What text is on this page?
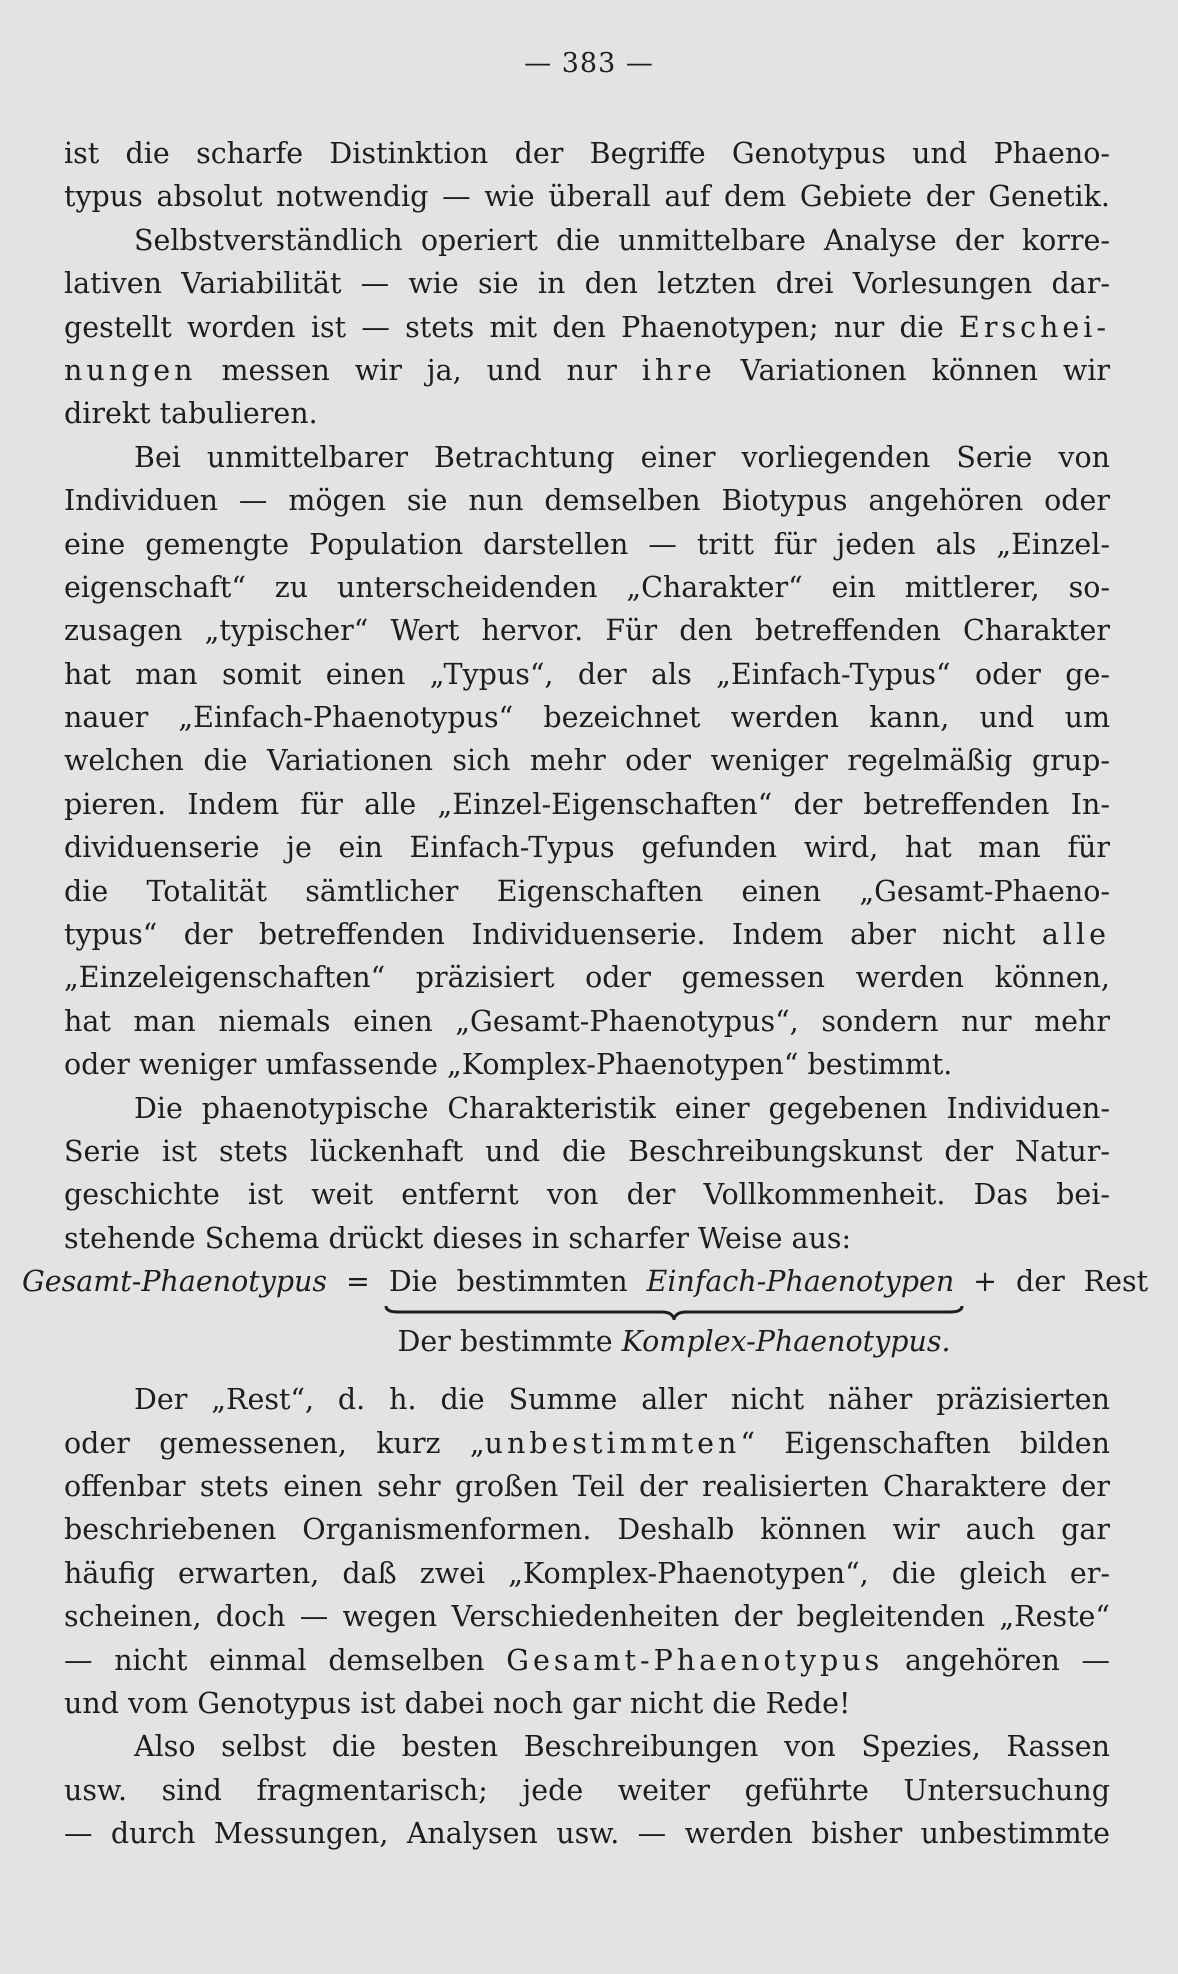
— 383 —
ist die scharfe Distinktion der Begriffe Genotypus und Phaeno-
typus absolut notwendig — wie überall auf dem Gebiete der Genetik.
Selbstverständlich operiert die unmittelbare Analyse der korre-
lativen Variabilität — wie sie in den letzten drei Vorlesungen dar-
gestellt worden ist — stets mit den Phaenotypen; nur die Erschei-
nungen messen wir ja, und nur ihre Variationen können wir
direkt tabulieren.
Bei unmittelbarer Betrachtung einer vorliegenden Serie von
Individuen — mögen sie nun demselben Biotypus angehören oder
eine gemengte Population darstellen — tritt für jeden als „Einzel-
eigenschaft“ zu unterscheidenden „Charakter“ ein mittlerer, so-
zusagen „typischer“ Wert hervor. Für den betreffenden Charakter
hat man somit einen „Typus“, der als „Einfach-Typus“ oder ge-
nauer „Einfach-Phaenotypus“ bezeichnet werden kann, und um
welchen die Variationen sich mehr oder weniger regelmäßig grup-
pieren. Indem für alle „Einzel-Eigenschaften“ der betreffenden In-
dividuenserie je ein Einfach-Typus gefunden wird, hat man für
die Totalität sämtlicher Eigenschaften einen „Gesamt-Phaeno-
typus“ der betreffenden Individuenserie. Indem aber nicht alle
„Einzeleigenschaften“ präzisiert oder gemessen werden können,
hat man niemals einen „Gesamt-Phaenotypus“, sondern nur mehr
oder weniger umfassende „Komplex-Phaenotypen“ bestimmt.
Die phaenotypische Charakteristik einer gegebenen Individuen-
Serie ist stets lückenhaft und die Beschreibungskunst der Natur-
geschichte ist weit entfernt von der Vollkommenheit. Das bei-
stehende Schema drückt dieses in scharfer Weise aus:
Gesamt-Phaenotypus = Die bestimmten Einfach-Phaenotypen + der Rest
Der bestimmte Komplex-Phaenotypus.
Der „Rest“, d. h. die Summe aller nicht näher präzisierten
oder gemessenen, kurz „unbestimmten“ Eigenschaften bilden
offenbar stets einen sehr großen Teil der realisierten Charaktere der
beschriebenen Organismenformen. Deshalb können wir auch gar
häufig erwarten, daß zwei „Komplex-Phaenotypen“, die gleich er-
scheinen, doch — wegen Verschiedenheiten der begleitenden „Reste“
— nicht einmal demselben Gesamt-Phaenotypus angehören —
und vom Genotypus ist dabei noch gar nicht die Rede!
Also selbst die besten Beschreibungen von Spezies, Rassen
usw. sind fragmentarisch; jede weiter geführte Untersuchung
— durch Messungen, Analysen usw. — werden bisher unbestimmte
